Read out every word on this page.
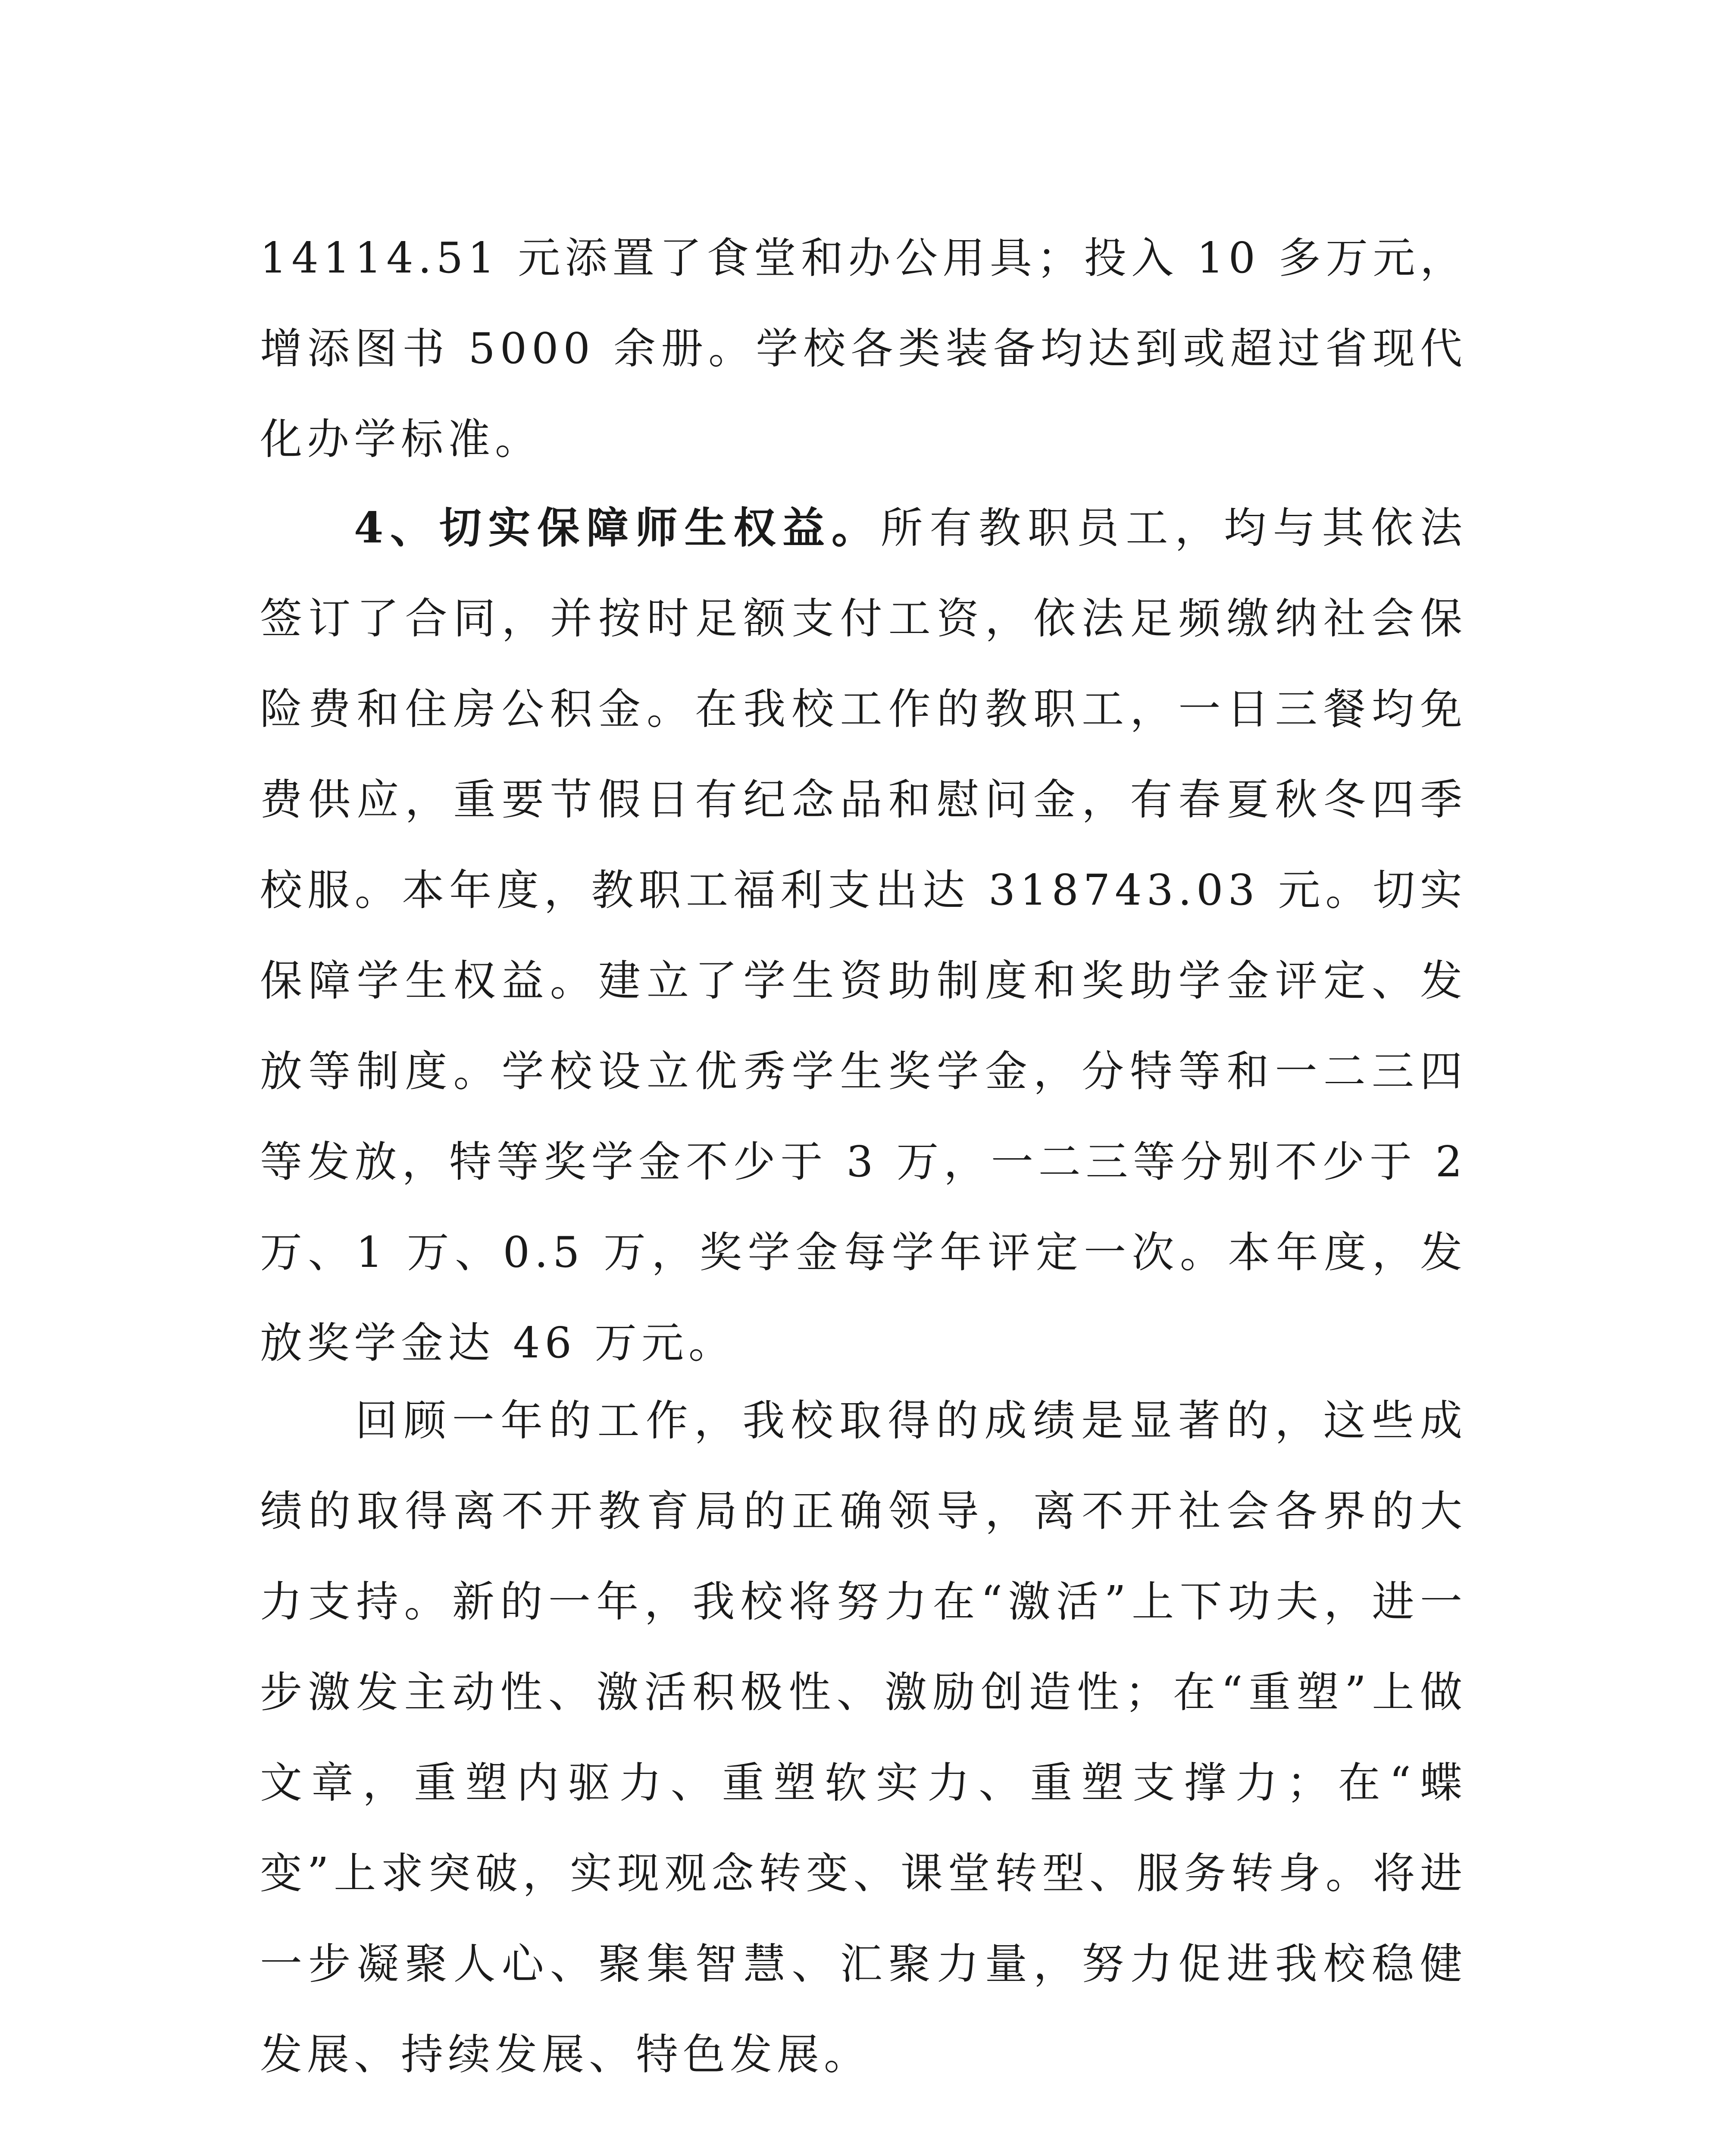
14114.51 元添置了食堂和办公用具；投入 10 多万元，增添图书 5000 余册。学校各类装备均达到或超过省现代化办学标准。

4、切实保障师生权益。所有教职员工，均与其依法签订了合同，并按时足额支付工资，依法足频缴纳社会保险费和住房公积金。在我校工作的教职工，一日三餐均免费供应，重要节假日有纪念品和慰问金，有春夏秋冬四季校服。本年度，教职工福利支出达 318743.03 元。切实保障学生权益。建立了学生资助制度和奖助学金评定、发放等制度。学校设立优秀学生奖学金，分特等和一二三四等发放，特等奖学金不少于 3 万，一二三等分别不少于 2 万、1 万、0.5 万，奖学金每学年评定一次。本年度，发放奖学金达 46 万元。

回顾一年的工作，我校取得的成绩是显著的，这些成绩的取得离不开教育局的正确领导，离不开社会各界的大力支持。新的一年，我校将努力在“激活”上下功夫，进一步激发主动性、激活积极性、激励创造性；在“重塑”上做文章，重塑内驱力、重塑软实力、重塑支撑力；在“蝶变”上求突破，实现观念转变、课堂转型、服务转身。将进一步凝聚人心、聚集智慧、汇聚力量，努力促进我校稳健发展、持续发展、特色发展。
